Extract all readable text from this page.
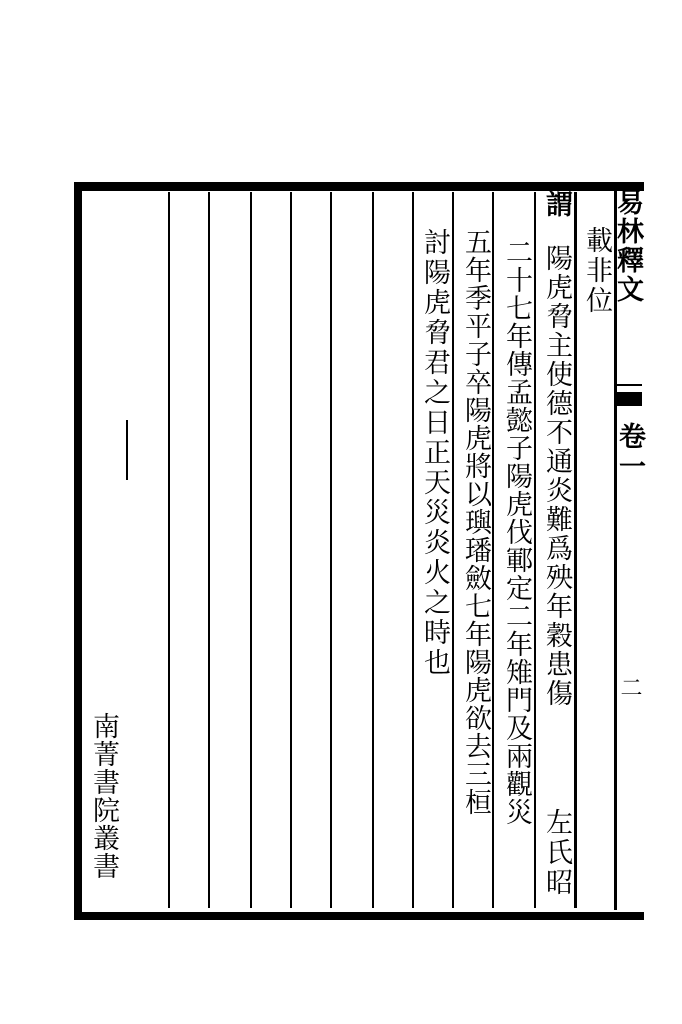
易林釋文
卷一
二
載非位
謂
陽虎脅主使德不通炎難爲殃年穀患傷
左氏昭
二十七年傳孟懿子陽虎伐鄆定二年雉門及兩觀災
五年季平子卒陽虎將以璵璠斂七年陽虎欲去三桓
討陽虎脅君之日正天災炎火之時也
南菁書院叢書
